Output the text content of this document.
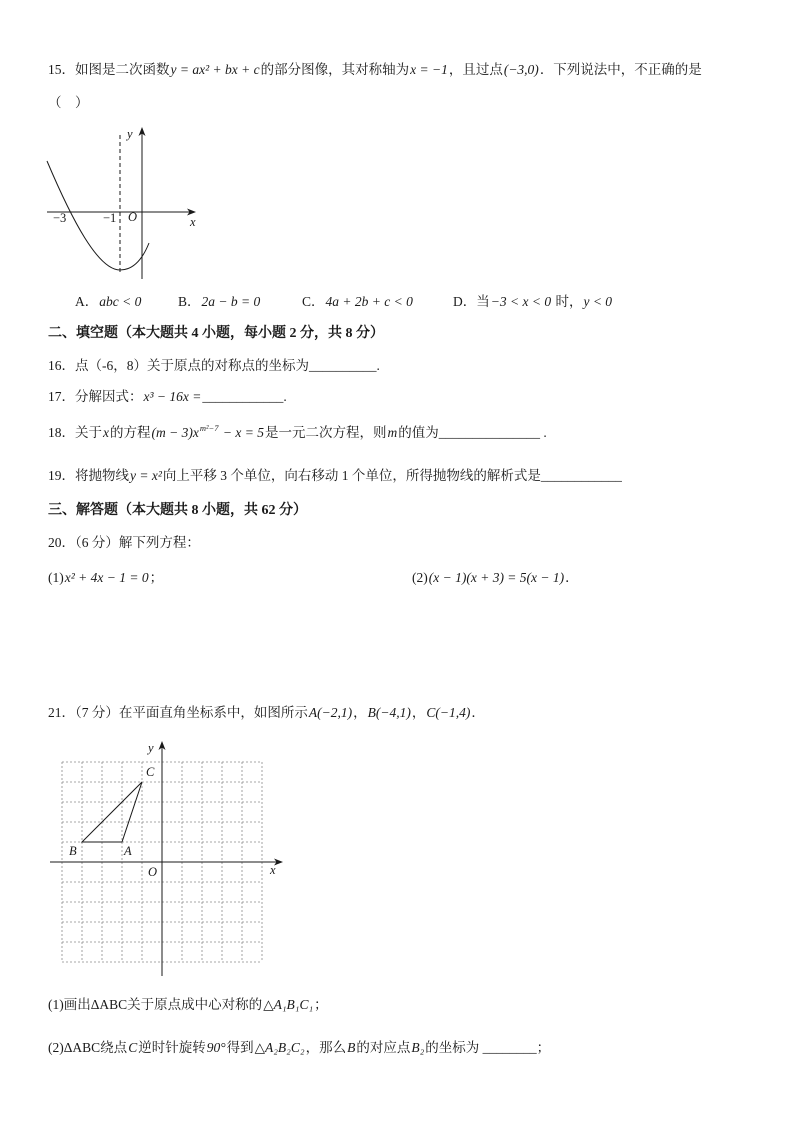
15．如图是二次函数y = ax² + bx + c的部分图像，其对称轴为x = −1，且过点(−3,0)．下列说法中，不正确的是
（　）
y
x
−3	−1 O
A．abc < 0	B．2a − b = 0	C．4a + 2b + c < 0	D．当−3 < x < 0 时，y < 0
二、填空题（本大题共 4 小题，每小题 2 分，共 8 分）
16．点（-6，8）关于原点的对称点的坐标为__________.
17．分解因式：x³ − 16x =____________.
18．关于x的方程$(m - 3)x^{m^2-7} - x = 5$是一元二次方程，则m的值为_______________ .
19．将抛物线y = x²向上平移 3 个单位，向右移动 1 个单位，所得抛物线的解析式是____________
三、解答题（本大题共 8 小题，共 62 分）
20．（6 分）解下列方程：
(1)x² + 4x − 1 = 0；	(2)(x − 1)(x + 3) = 5(x − 1)．
21．（7 分）在平面直角坐标系中，如图所示A(−2,1)，B(−4,1)，C(−1,4)．
B	A
C
y
x
O
(1)画出ΔABC关于原点成中心对称的△A₁B₁C₁；
(2)ΔABC绕点C逆时针旋转90°得到△A₂B₂C₂，那么B的对应点B₂的坐标为 ________；
